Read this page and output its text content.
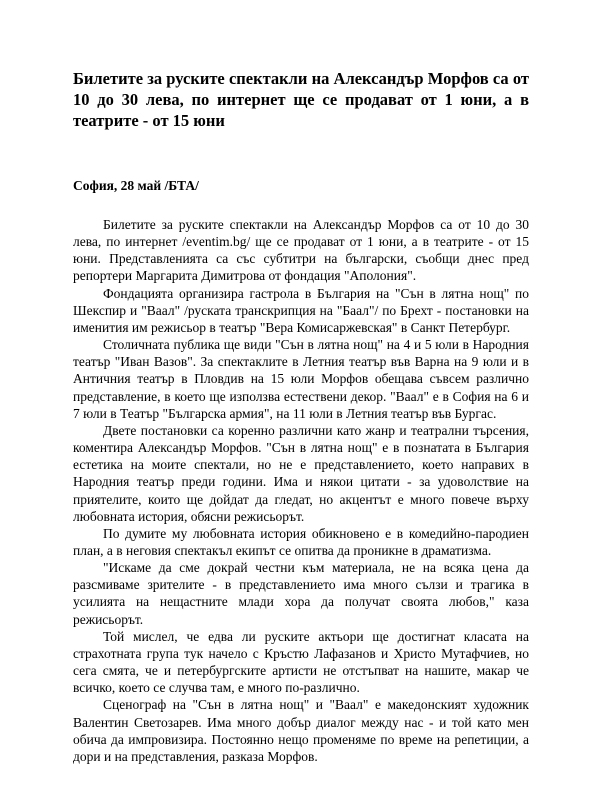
Билетите за руските спектакли на Александър Морфов са от 10 до 30 лева, по интернет ще се продават от 1 юни, а в театрите - от 15 юни
София, 28 май /БТА/

Билетите за руските спектакли на Александър Морфов са от 10 до 30 лева, по интернет /eventim.bg/ ще се продават от 1 юни, а в театрите - от 15 юни. Представленията са със субтитри на български, съобщи днес пред репортери Маргарита Димитрова от фондация "Аполония".

Фондацията организира гастрола в България на "Сън в лятна нощ" по Шекспир и "Ваал" /руската транскрипция на "Баал"/ по Брехт - постановки на именития им режисьор в театър "Вера Комисаржевская" в Санкт Петербург.

Столичната публика ще види "Сън в лятна нощ" на 4 и 5 юли в Народния театър "Иван Вазов". За спектаклите в Летния театър във Варна на 9 юли и в Античния театър в Пловдив на 15 юли Морфов обещава съвсем различно представление, в което ще използва естествени декор. "Ваал" е в София на 6 и 7 юли в Театър "Българска армия", на 11 юли в Летния театър във Бургас.

Двете постановки са коренно различни като жанр и театрални търсения, коментира Александър Морфов. "Сън в лятна нощ" е в познатата в България естетика на моите спектали, но не е представлението, което направих в Народния театър преди години. Има и някои цитати - за удоволствие на приятелите, които ще дойдат да гледат, но акцентът е много повече върху любовната история, обясни режисьорът.

По думите му любовната история обикновено е в комедийно-пародиен план, а в неговия спектакъл екипът се опитва да проникне в драматизма.

"Искаме да сме докрай честни към материала, не на всяка цена да разсмиваме зрителите - в представлението има много сълзи и трагика в усилията на нещастните млади хора да получат своята любов," каза режисьорът.

Той мислел, че едва ли руските актьори ще достигнат класата на страхотната група тук начело с Кръстю Лафазанов и Христо Мутафчиев, но сега смята, че и петербургските артисти не отстъпват на нашите, макар че всичко, което се случва там, е много по-различно.

Сценограф на "Сън в лятна нощ" и "Ваал" е македонският художник Валентин Светозарев. Има много добър диалог между нас - и той като мен обича да импровизира. Постоянно нещо променяме по време на репетиции, а дори и на представления, разказа Морфов.
